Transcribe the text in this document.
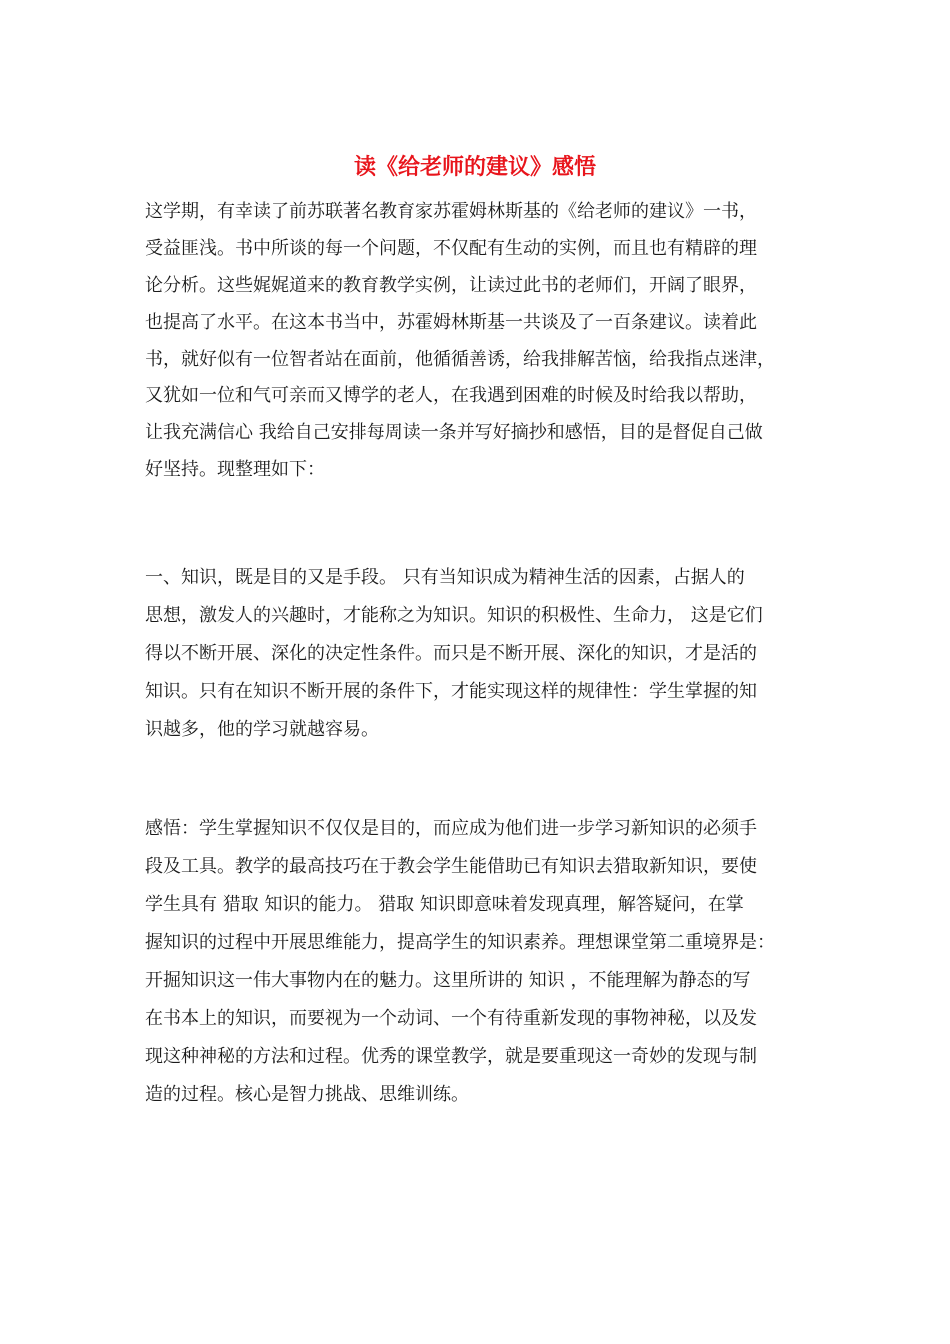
读《给老师的建议》感悟
这学期，有幸读了前苏联著名教育家苏霍姆林斯基的《给老师的建议》一书，
受益匪浅。书中所谈的每一个问题，不仅配有生动的实例，而且也有精辟的理
论分析。这些娓娓道来的教育教学实例，让读过此书的老师们，开阔了眼界，
也提高了水平。在这本书当中，苏霍姆林斯基一共谈及了一百条建议。读着此
书，就好似有一位智者站在面前，他循循善诱，给我排解苦恼，给我指点迷津，
又犹如一位和气可亲而又博学的老人，在我遇到困难的时候及时给我以帮助，
让我充满信心 我给自己安排每周读一条并写好摘抄和感悟，目的是督促自己做
好坚持。现整理如下：
一、知识，既是目的又是手段。 只有当知识成为精神生活的因素，占据人的
思想，激发人的兴趣时，才能称之为知识。知识的积极性、生命力， 这是它们
得以不断开展、深化的决定性条件。而只是不断开展、深化的知识，才是活的
知识。只有在知识不断开展的条件下，才能实现这样的规律性：学生掌握的知
识越多，他的学习就越容易。
感悟：学生掌握知识不仅仅是目的，而应成为他们进一步学习新知识的必须手
段及工具。教学的最高技巧在于教会学生能借助已有知识去猎取新知识，要使
学生具有 猎取 知识的能力。 猎取 知识即意味着发现真理，解答疑问，在掌
握知识的过程中开展思维能力，提高学生的知识素养。理想课堂第二重境界是：
开掘知识这一伟大事物内在的魅力。这里所讲的 知识 ，不能理解为静态的写
在书本上的知识，而要视为一个动词、一个有待重新发现的事物神秘，以及发
现这种神秘的方法和过程。优秀的课堂教学，就是要重现这一奇妙的发现与制
造的过程。核心是智力挑战、思维训练。
